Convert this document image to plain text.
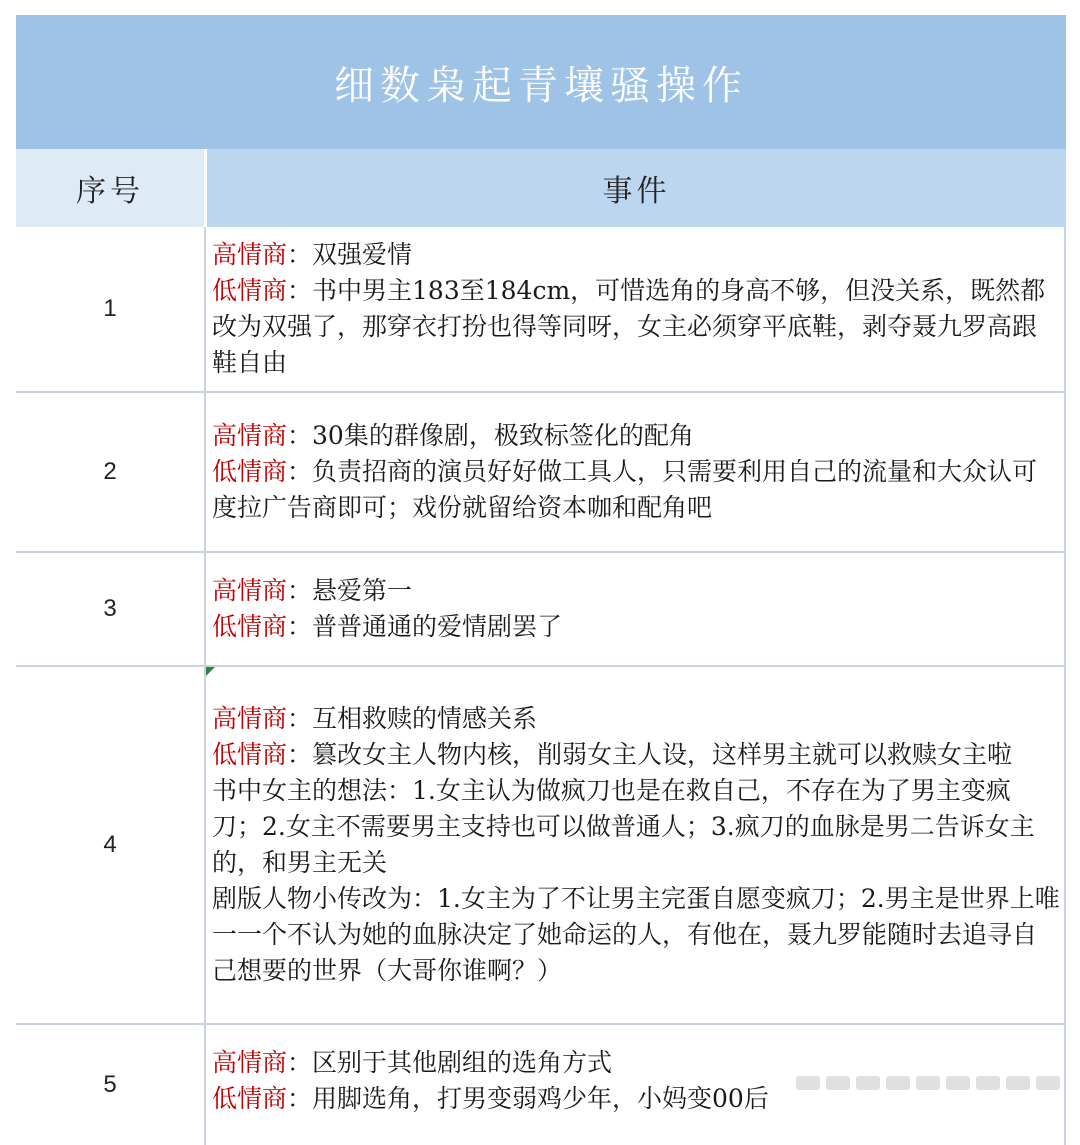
细数枭起青壤骚操作
序号	事件
1
高情商：双强爱情
低情商：书中男主183至184cm，可惜选角的身高不够，但没关系，既然都改为双强了，那穿衣打扮也得等同呀，女主必须穿平底鞋，剥夺聂九罗高跟鞋自由
2
高情商：30集的群像剧，极致标签化的配角
低情商：负责招商的演员好好做工具人，只需要利用自己的流量和大众认可度拉广告商即可；戏份就留给资本咖和配角吧
3
高情商：悬爱第一
低情商：普普通通的爱情剧罢了
4
高情商：互相救赎的情感关系
低情商：篡改女主人物内核，削弱女主人设，这样男主就可以救赎女主啦
书中女主的想法：1.女主认为做疯刀也是在救自己，不存在为了男主变疯刀；2.女主不需要男主支持也可以做普通人；3.疯刀的血脉是男二告诉女主的，和男主无关
剧版人物小传改为：1.女主为了不让男主完蛋自愿变疯刀；2.男主是世界上唯一一个不认为她的血脉决定了她命运的人，有他在，聂九罗能随时去追寻自己想要的世界（大哥你谁啊？）
5
高情商：区别于其他剧组的选角方式
低情商：用脚选角，打男变弱鸡少年，小妈变00后
